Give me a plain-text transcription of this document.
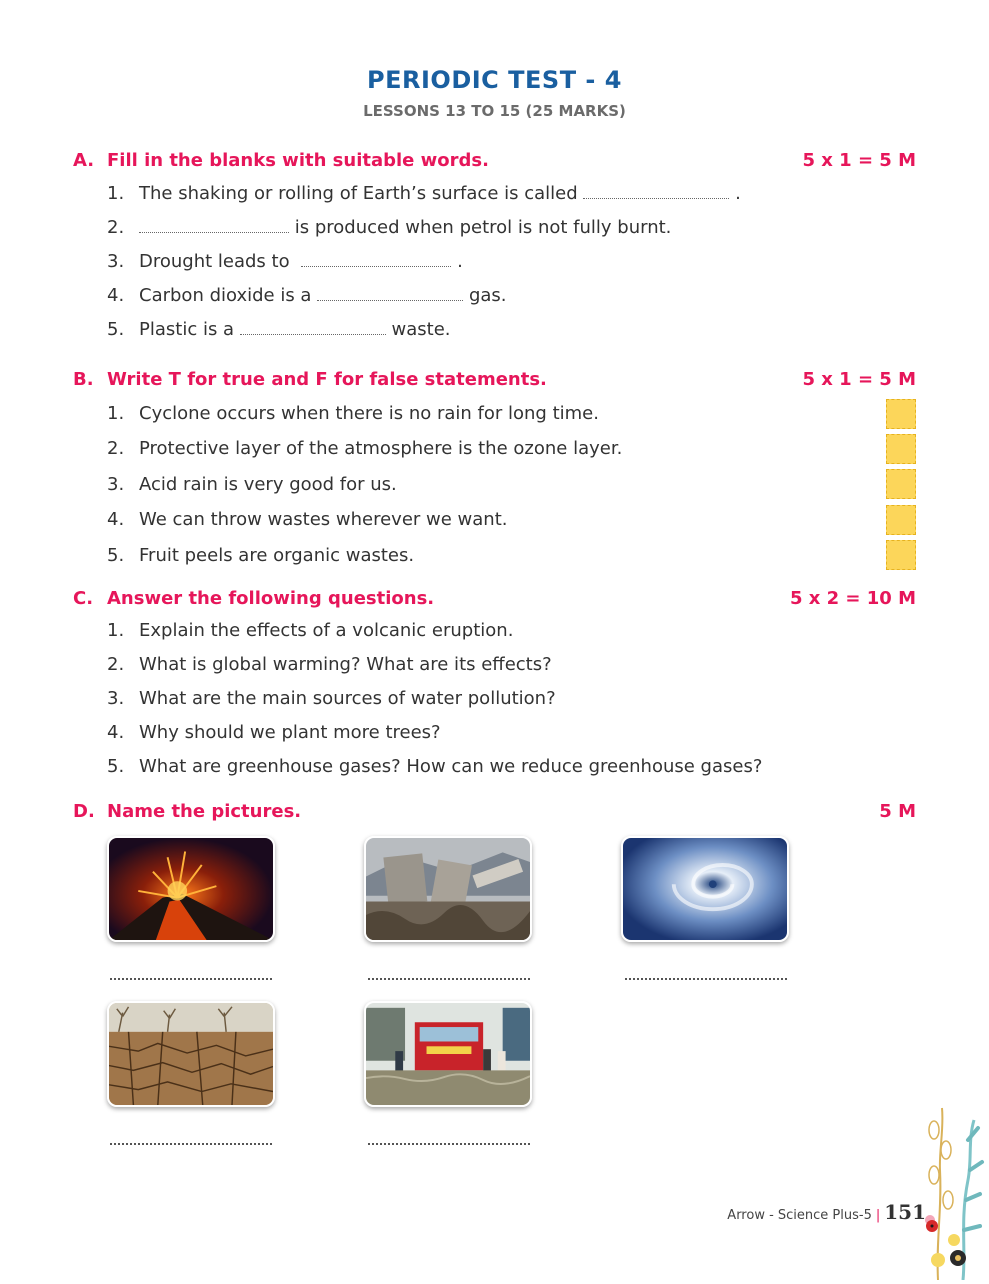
PERIODIC TEST - 4
LESSONS 13 TO 15 (25 MARKS)
A. Fill in the blanks with suitable words.	5 x 1 = 5 M
1. The shaking or rolling of Earth’s surface is called	.
2.	is produced when petrol is not fully burnt.
3. Drought leads to	.
4. Carbon dioxide is a	gas.
5. Plastic is a	waste.
B. Write T for true and F for false statements.	5 x 1 = 5 M
1. Cyclone occurs when there is no rain for long time.
2. Protective layer of the atmosphere is the ozone layer.
3. Acid rain is very good for us.
4. We can throw wastes wherever we want.
5. Fruit peels are organic wastes.
C. Answer the following questions.	5 x 2 = 10 M
1. Explain the effects of a volcanic eruption.
2. What is global warming? What are its effects?
3. What are the main sources of water pollution?
4. Why should we plant more trees?
5. What are greenhouse gases? How can we reduce greenhouse gases?
D. Name the pictures.	5 M
Arrow - Science Plus-5 | 151
